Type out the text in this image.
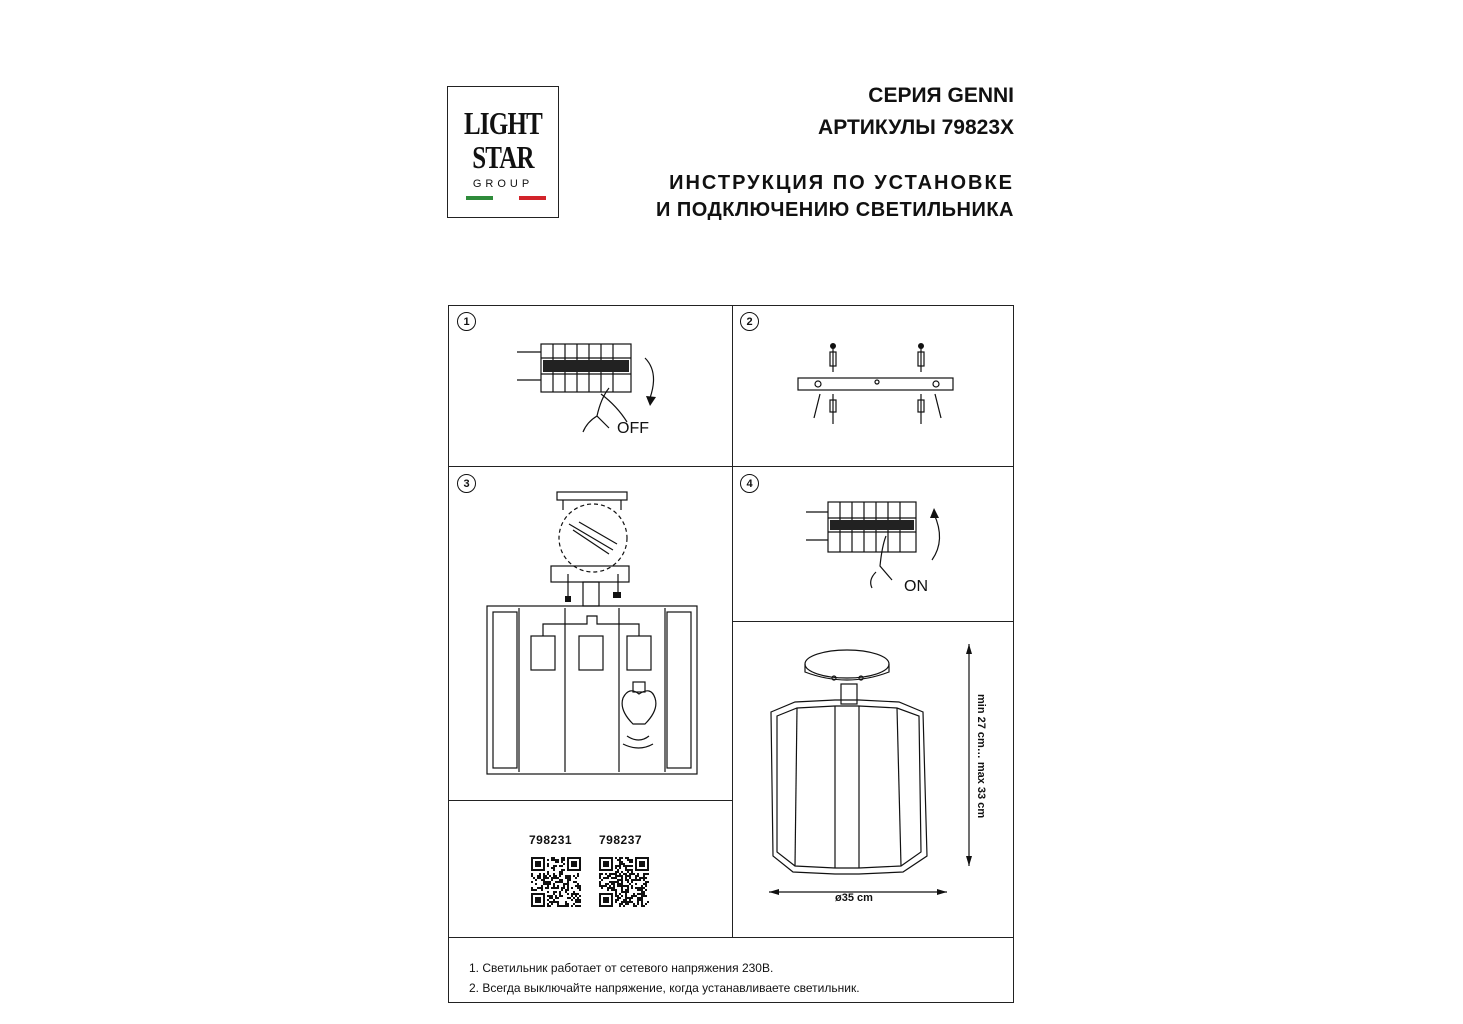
LIGHT
STAR
GROUP
СЕРИЯ GENNI
АРТИКУЛЫ 79823X
ИНСТРУКЦИЯ ПО УСТАНОВКЕ
И ПОДКЛЮЧЕНИЮ СВЕТИЛЬНИКА
1
OFF
2
3	4
ON
798231 798237
ø35 cm
min 27 cm… max 33 cm
1. Светильник работает от сетевого напряжения 230В.
2. Всегда выключайте напряжение, когда устанавливаете светильник.
